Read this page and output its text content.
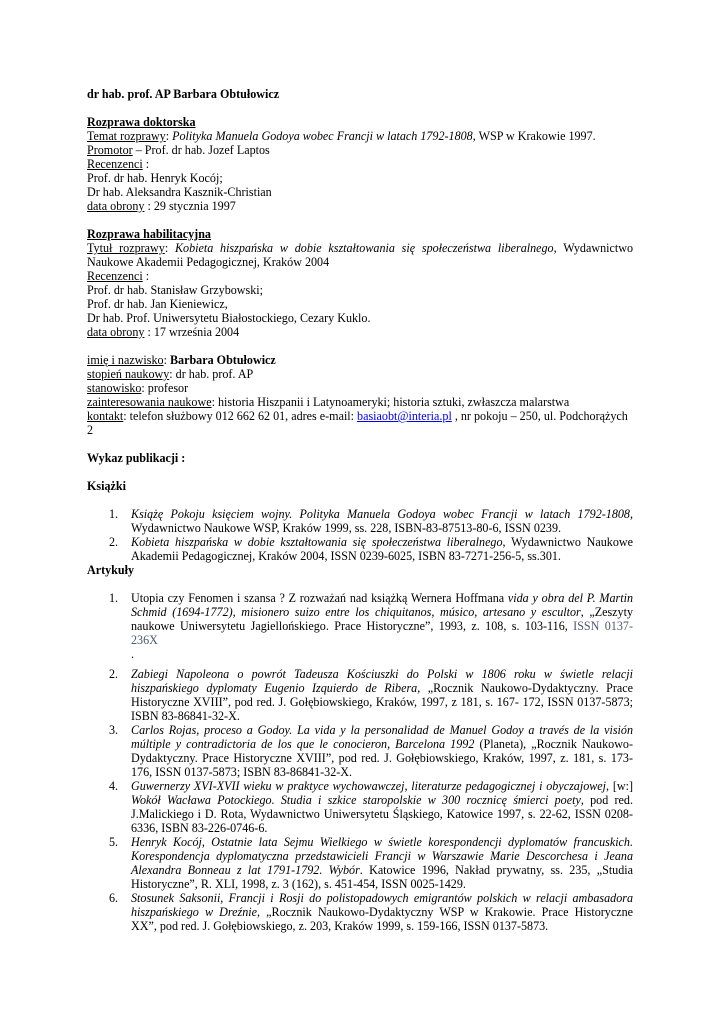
dr hab. prof. AP Barbara Obtułowicz

Rozprawa doktorska

Temat rozprawy: Polityka Manuela Godoya wobec Francji w latach 1792-1808, WSP w Krakowie 1997.

Promotor – Prof. dr hab. Jozef Laptos

Recenzenci :

Prof. dr hab. Henryk Kocój;

Dr hab. Aleksandra Kasznik-Christian

data obrony : 29 stycznia 1997

Rozprawa habilitacyjna

Tytuł rozprawy: Kobieta hiszpańska w dobie kształtowania się społeczeństwa liberalnego, Wydawnictwo Naukowe Akademii Pedagogicznej, Kraków 2004

Recenzenci :

Prof. dr hab. Stanisław Grzybowski;

Prof. dr hab. Jan Kieniewicz,

Dr hab. Prof. Uniwersytetu Białostockiego, Cezary Kuklo.

data obrony : 17 września 2004

imię i nazwisko: Barbara Obtułowicz

stopień naukowy: dr hab. prof. AP

stanowisko: profesor

zainteresowania naukowe: historia Hiszpanii i Latynoameryki; historia sztuki, zwłaszcza malarstwa

kontakt: telefon służbowy 012 662 62 01, adres e-mail: basiaobt@interia.pl , nr pokoju – 250, ul. Podchorążych 2

Wykaz publikacji :

Książki

1. Książę Pokoju księciem wojny. Polityka Manuela Godoya wobec Francji w latach 1792-1808, Wydawnictwo Naukowe WSP, Kraków 1999, ss. 228, ISBN-83-87513-80-6, ISSN 0239.
2. Kobieta hiszpańska w dobie kształtowania się społeczeństwa liberalnego, Wydawnictwo Naukowe Akademii Pedagogicznej, Kraków 2004, ISSN 0239-6025, ISBN 83-7271-256-5, ss.301.

Artykuły

1. Utopia czy Fenomen i szansa ? Z rozważań nad książką Wernera Hoffmana vida y obra del P. Martin Schmid (1694-1772), misionero suizo entre los chiquitanos, músico, artesano y escultor, „Zeszyty naukowe Uniwersytetu Jagiellońskiego. Prace Historyczne”, 1993, z. 108, s. 103-116, ISSN 0137-236X
.
2. Zabiegi Napoleona o powrót Tadeusza Kościuszki do Polski w 1806 roku w świetle relacji hiszpańskiego dyplomaty Eugenio Izquierdo de Ribera, „Rocznik Naukowo-Dydaktyczny. Prace Historyczne XVIII”, pod red. J. Gołębiowskiego, Kraków, 1997, z 181, s. 167- 172, ISSN 0137-5873; ISBN 83-86841-32-X.
3. Carlos Rojas, proceso a Godoy. La vida y la personalidad de Manuel Godoy a través de la visión múltiple y contradictoria de los que le conocieron, Barcelona 1992 (Planeta), „Rocznik Naukowo-Dydaktyczny. Prace Historyczne XVIII”, pod red. J. Gołębiowskiego, Kraków, 1997, z. 181, s. 173-176, ISSN 0137-5873; ISBN 83-86841-32-X.
4. Guwernerzy XVI-XVII wieku w praktyce wychowawczej, literaturze pedagogicznej i obyczajowej, [w:] Wokół Wacława Potockiego. Studia i szkice staropolskie w 300 rocznicę śmierci poety, pod red. J.Malickiego i D. Rota, Wydawnictwo Uniwersytetu Śląskiego, Katowice 1997, s. 22-62, ISSN 0208-6336, ISBN 83-226-0746-6.
5. Henryk Kocój, Ostatnie lata Sejmu Wielkiego w świetle korespondencji dyplomatów francuskich. Korespondencja dyplomatyczna przedstawicieli Francji w Warszawie Marie Descorchesa i Jeana Alexandra Bonneau z lat 1791-1792. Wybór. Katowice 1996, Nakład prywatny, ss. 235, „Studia Historyczne”, R. XLI, 1998, z. 3 (162), s. 451-454, ISSN 0025-1429.
6. Stosunek Saksonii, Francji i Rosji do polistopadowych emigrantów polskich w relacji ambasadora hiszpańskiego w Dreźnie, „Rocznik Naukowo-Dydaktyczny WSP w Krakowie. Prace Historyczne XX”, pod red. J. Gołębiowskiego, z. 203, Kraków 1999, s. 159-166, ISSN 0137-5873.
